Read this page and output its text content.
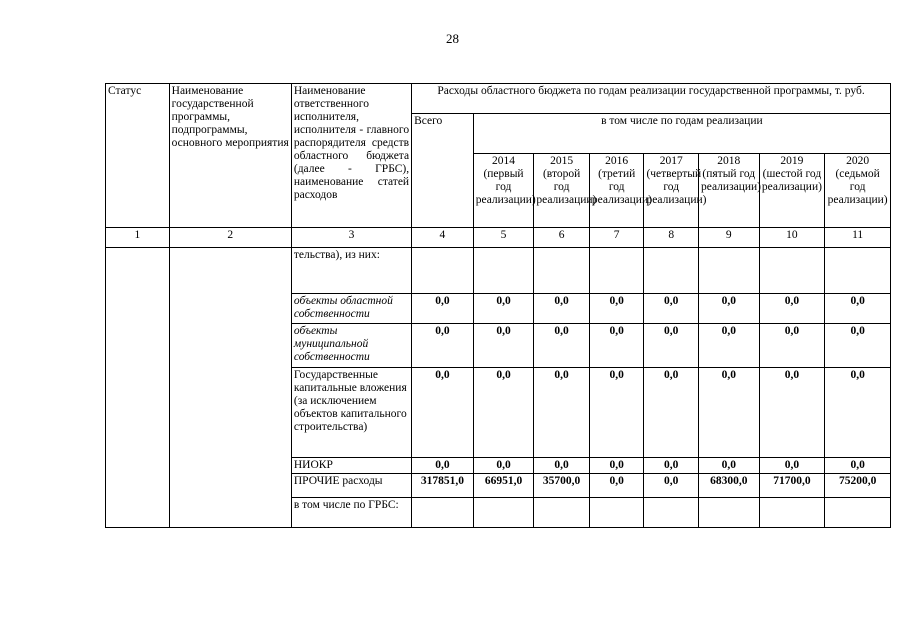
28
Статус	Наименование государственной программы, подпрограммы, основного мероприятия	Наименование ответственного исполнителя, исполнителя - главного распорядителя средств областного бюджета (далее - ГРБС), наименование статей расходов	Расходы областного бюджета по годам реализации государственной программы, т. руб.							
			Всего	в том числе по годам реализации						
				2014 (первый год реализации)	2015 (второй год реализации)	2016 (третий год реализации)	2017 (четвертый год реализации)	2018 (пятый год реализации)	2019 (шестой год реализации)	2020 (седьмой год реализации)
1	2	3	4	5	6	7	8	9	10	11
		тельства), из них:								
		объекты областной собственности	0,0	0,0	0,0	0,0	0,0	0,0	0,0	0,0
		объекты муниципальной собственности	0,0	0,0	0,0	0,0	0,0	0,0	0,0	0,0
		Государственные капитальные вложения (за исключением объектов капитального строительства)	0,0	0,0	0,0	0,0	0,0	0,0	0,0	0,0
		НИОКР	0,0	0,0	0,0	0,0	0,0	0,0	0,0	0,0
		ПРОЧИЕ расходы	317851,0	66951,0	35700,0	0,0	0,0	68300,0	71700,0	75200,0
		в том числе по ГРБС:								
